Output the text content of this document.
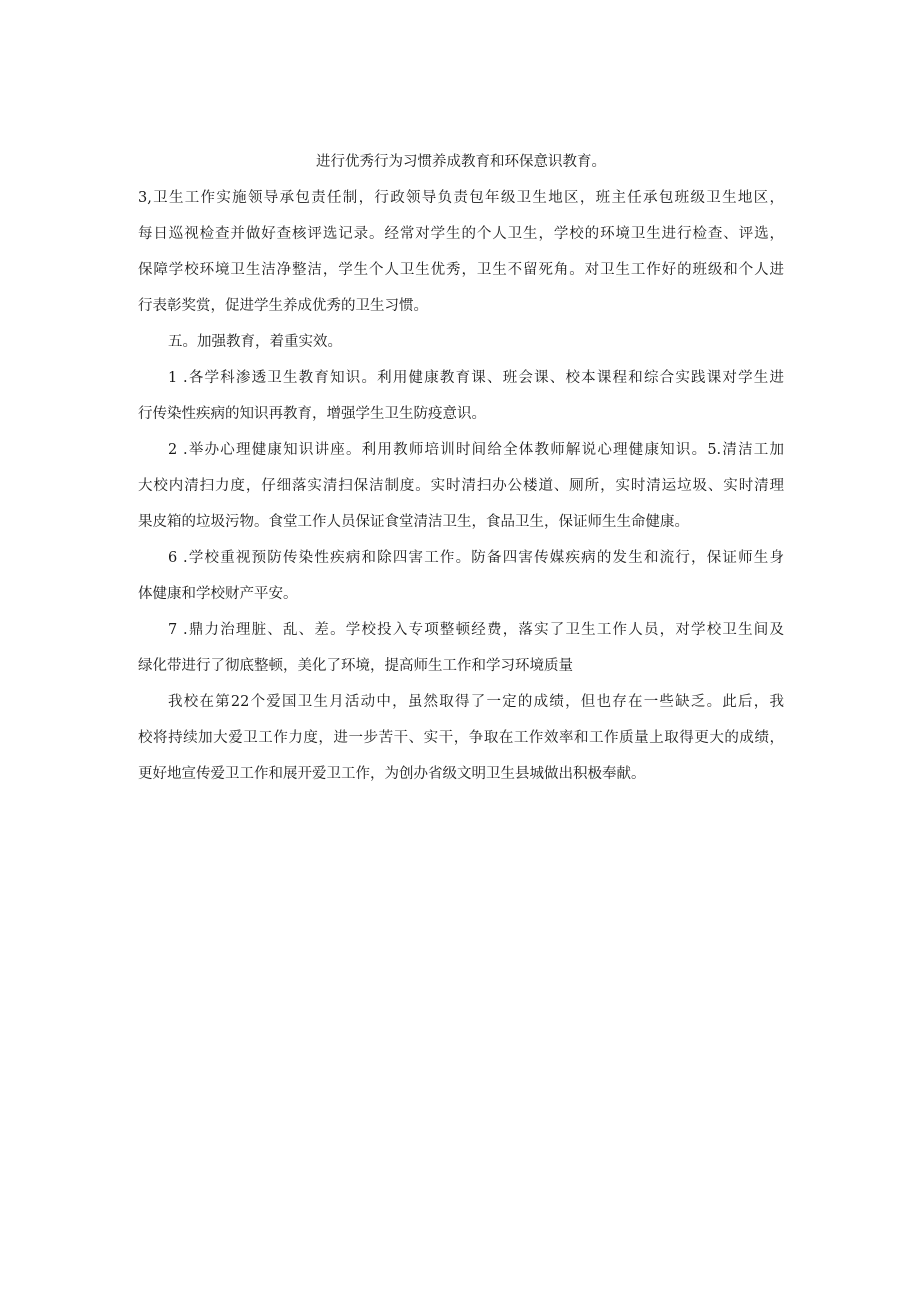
进行优秀行为习惯养成教育和环保意识教育。
3,卫生工作实施领导承包责任制，行政领导负责包年级卫生地区，班主任承包班级卫生地区，
每日巡视检查并做好查核评选记录。经常对学生的个人卫生，学校的环境卫生进行检查、评选，
保障学校环境卫生洁净整洁，学生个人卫生优秀，卫生不留死角。对卫生工作好的班级和个人进
行表彰奖赏，促进学生养成优秀的卫生习惯。
五。加强教育，着重实效。
1 .各学科渗透卫生教育知识。利用健康教育课、班会课、校本课程和综合实践课对学生进
行传染性疾病的知识再教育，增强学生卫生防疫意识。
2 .举办心理健康知识讲座。利用教师培训时间给全体教师解说心理健康知识。5.清洁工加
大校内清扫力度，仔细落实清扫保洁制度。实时清扫办公楼道、厕所，实时清运垃圾、实时清理
果皮箱的垃圾污物。食堂工作人员保证食堂清洁卫生，食品卫生，保证师生生命健康。
6 .学校重视预防传染性疾病和除四害工作。防备四害传媒疾病的发生和流行，保证师生身
体健康和学校财产平安。
7 .鼎力治理脏、乱、差。学校投入专项整顿经费，落实了卫生工作人员，对学校卫生间及
绿化带进行了彻底整顿，美化了环境，提高师生工作和学习环境质量
我校在第22个爱国卫生月活动中，虽然取得了一定的成绩，但也存在一些缺乏。此后，我
校将持续加大爱卫工作力度，进一步苦干、实干，争取在工作效率和工作质量上取得更大的成绩，
更好地宣传爱卫工作和展开爱卫工作，为创办省级文明卫生县城做出积极奉献。
